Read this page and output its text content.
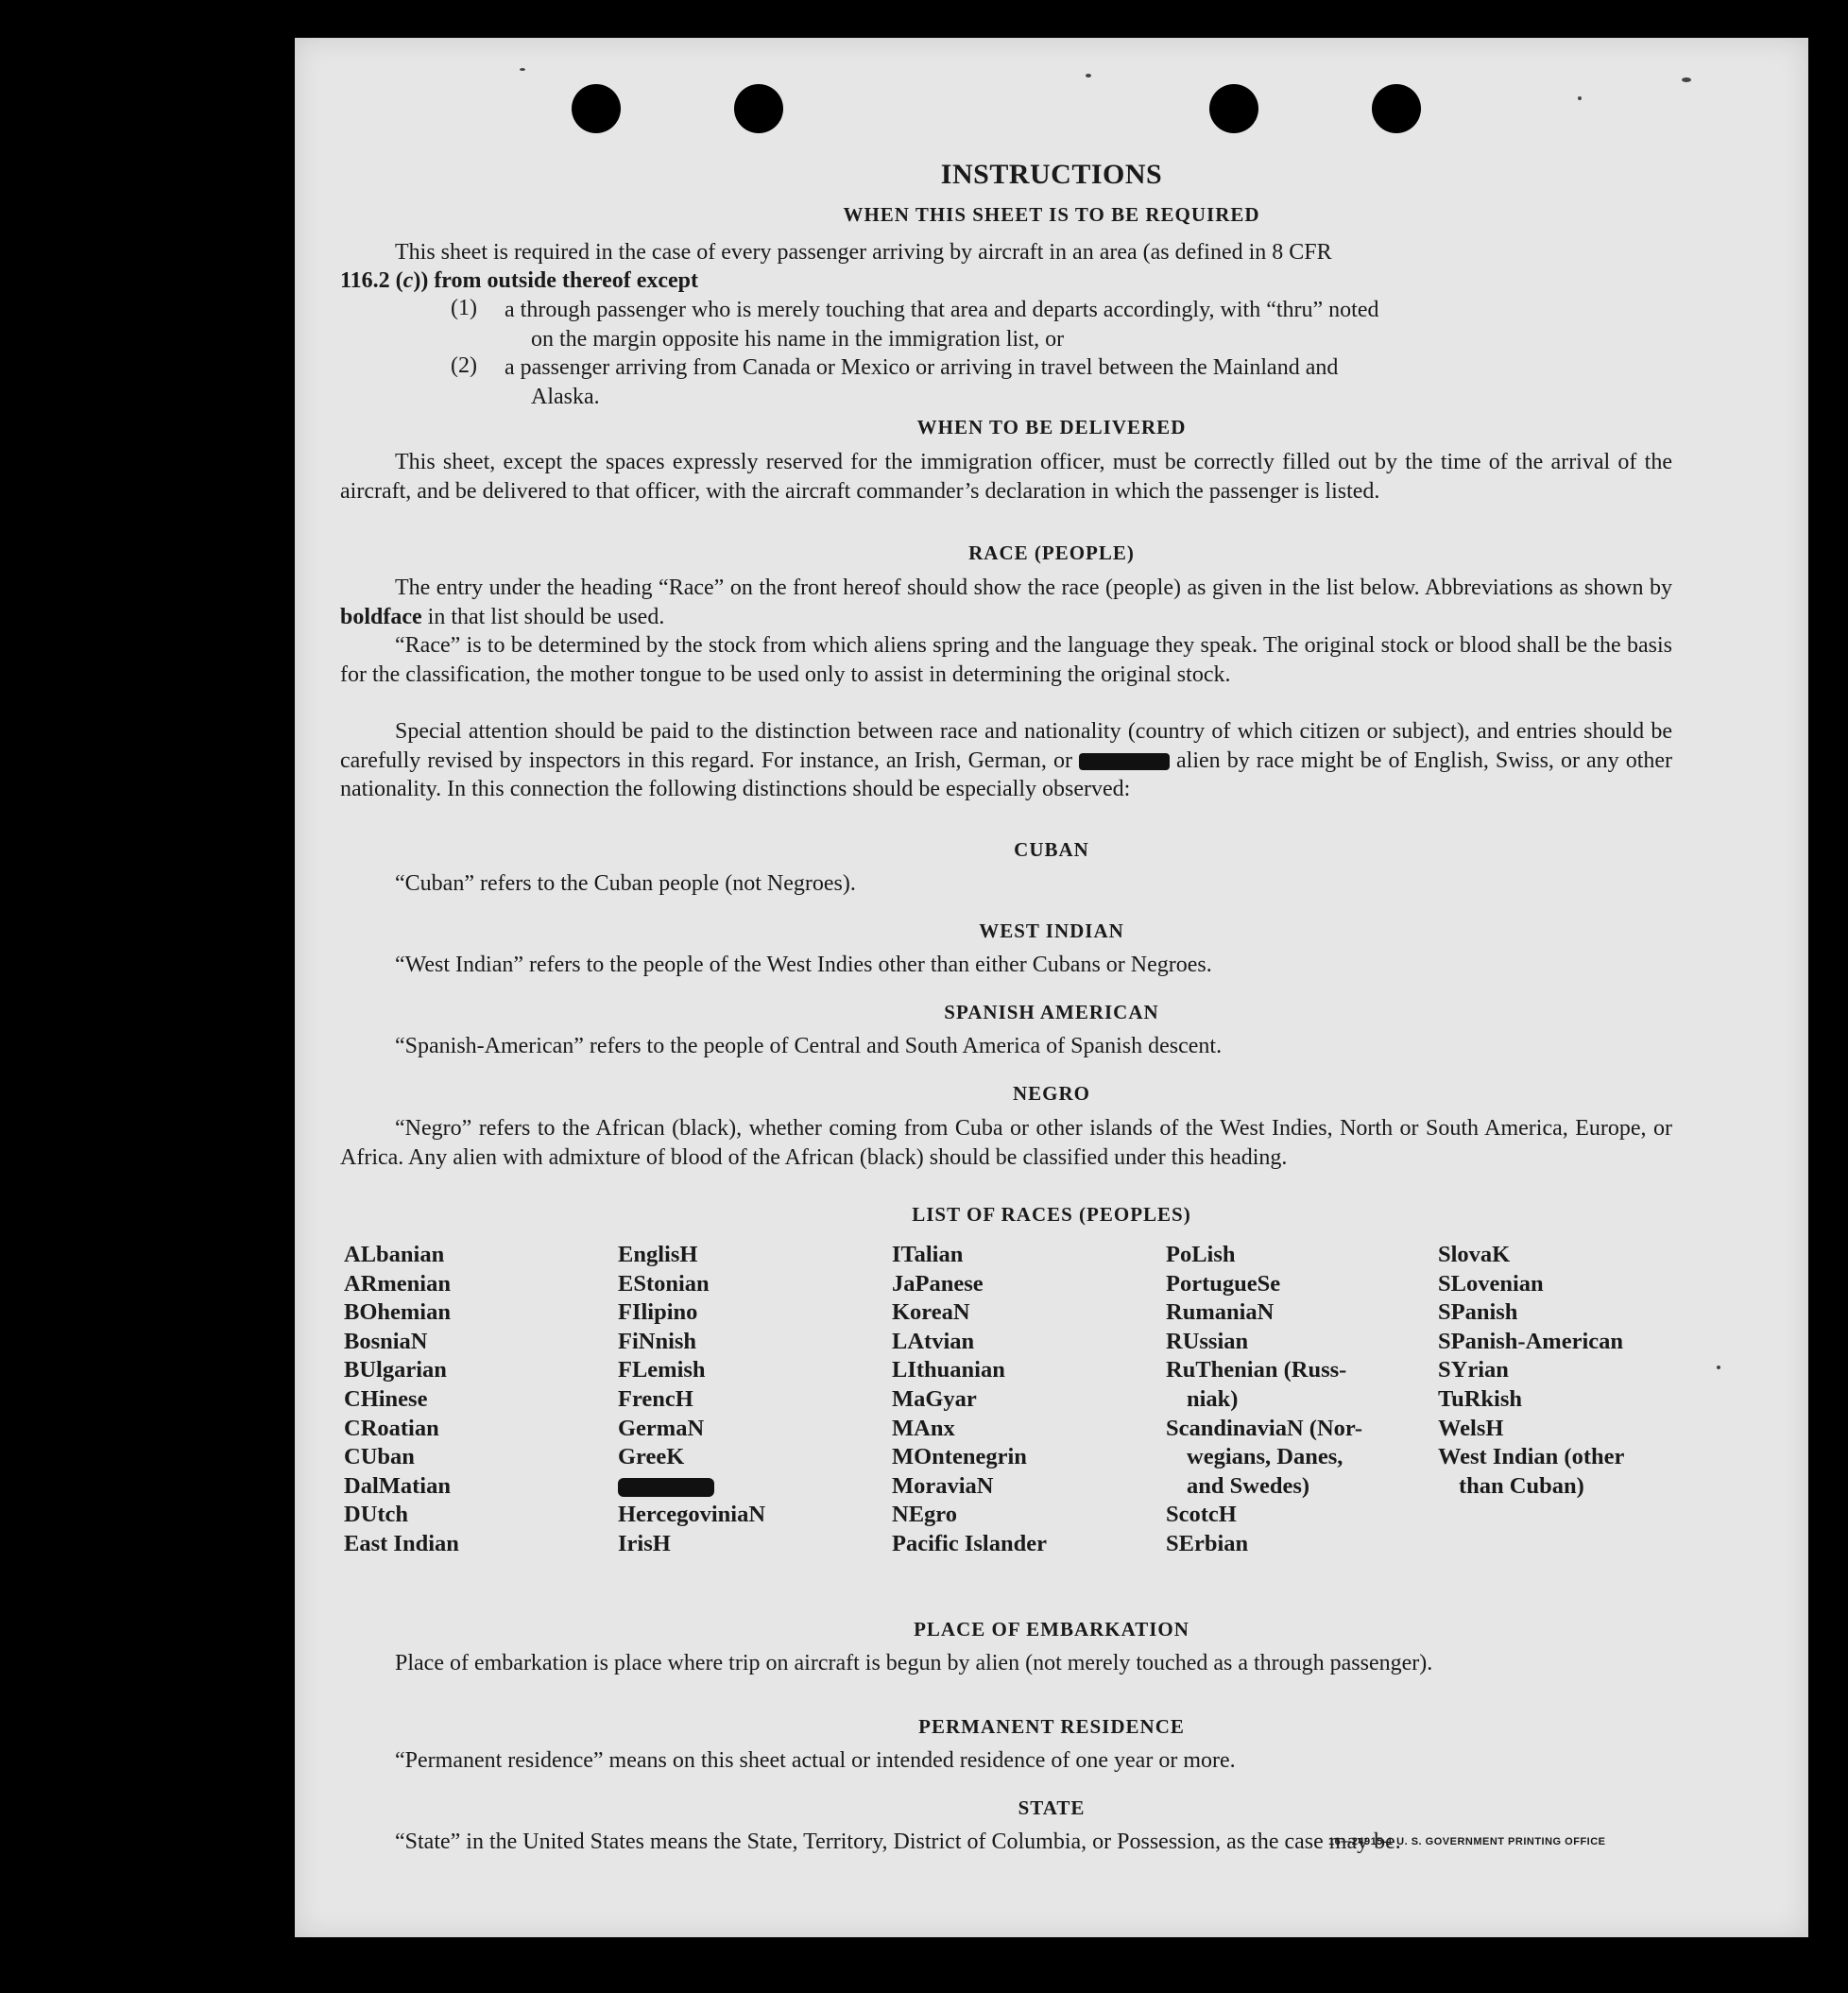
INSTRUCTIONS
WHEN THIS SHEET IS TO BE REQUIRED

This sheet is required in the case of every passenger arriving by aircraft in an area (as defined in 8 CFR

116.2 (c)) from outside thereof except

(1) a through passenger who is merely touching that area and departs accordingly, with “thru” noted
on the margin opposite his name in the immigration list, or

(2) a passenger arriving from Canada or Mexico or arriving in travel between the Mainland and
Alaska.

WHEN TO BE DELIVERED

This sheet, except the spaces expressly reserved for the immigration officer, must be correctly filled out by the time of the arrival of the aircraft, and be delivered to that officer, with the aircraft commander’s declaration in which the passenger is listed.

RACE (PEOPLE)

The entry under the heading “Race” on the front hereof should show the race (people) as given in the list below. Abbreviations as shown by boldface in that list should be used.

“Race” is to be determined by the stock from which aliens spring and the language they speak. The original stock or blood shall be the basis for the classification, the mother tongue to be used only to assist in determining the original stock.

Special attention should be paid to the distinction between race and nationality (country of which citizen or subject), and entries should be carefully revised by inspectors in this regard. For instance, an Irish, German, or	alien by race might be of English, Swiss, or any other nationality. In this connection the following distinctions should be especially observed:

CUBAN

“Cuban” refers to the Cuban people (not Negroes).

WEST INDIAN

“West Indian” refers to the people of the West Indies other than either Cubans or Negroes.

SPANISH AMERICAN

“Spanish-American” refers to the people of Central and South America of Spanish descent.

NEGRO

“Negro” refers to the African (black), whether coming from Cuba or other islands of the West Indies, North or South America, Europe, or Africa. Any alien with admixture of blood of the African (black) should be classified under this heading.

LIST OF RACES (PEOPLES)
ALbanian
ARmenian
BOhemian
BosniaN
BUlgarian
CHinese
CRoatian
CUban
DalMatian
DUtch
East Indian
EnglisH
EStonian
FIlipino
FiNnish
FLemish
FrencH
GermaN
GreeK
HercegoviniaN
IrisH
ITalian
JaPanese
KoreaN
LAtvian
LIthuanian
MaGyar
MAnx
MOntenegrin
MoraviaN
NEgro
Pacific Islander
PoLish
PortugueSe
RumaniaN
RUssian
RuThenian (Russ-
niak)
ScandinaviaN (Nor-
wegians, Danes,
and Swedes)
ScotcH
SErbian
SlovaK
SLovenian
SPanish
SPanish-American
SYrian
TuRkish
WelsH
West Indian (other
than Cuban)
PLACE OF EMBARKATION

Place of embarkation is place where trip on aircraft is begun by alien (not merely touched as a through passenger).

PERMANENT RESIDENCE

“Permanent residence” means on this sheet actual or intended residence of one year or more.

STATE

“State” in the United States means the State, Territory, District of Columbia, or Possession, as the case may be.

16—24915-1 U. S. GOVERNMENT PRINTING OFFICE
